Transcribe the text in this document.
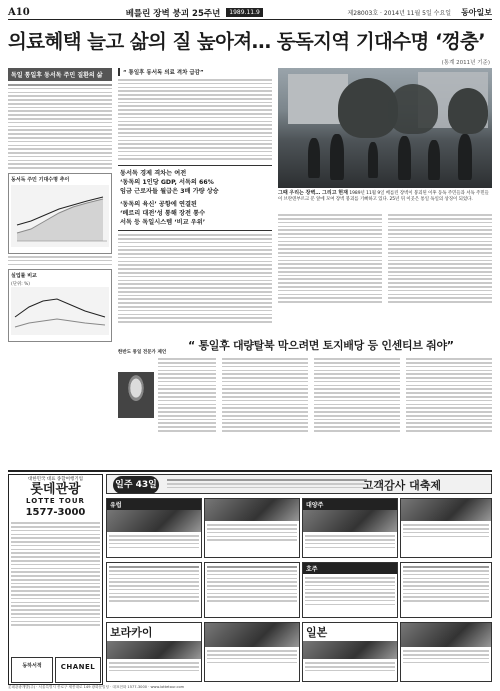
A10	베를린 장벽 붕괴 25주년	1989.11.9	제28003호 · 2014년 11월 5일 수요일 동아일보
의료혜택 늘고 삶의 질 높아져… 동독지역 기대수명 ‘껑충’
(통계 2011년 기준)
독일 통일후 동서독 주민 질환의 삶
동서독 주민 기대수명 추이
실업률 비교
(단위: %)
“ 통일후 동서독 의료 격차 급감”
동서독 경제 격차는 여전
‘동독의 1인당 GDP, 서독의 66%
임금 근로자들 월급은 3배 가량 상승
‘동독의 육신’ 공항에 연결된
‘베르리 대전’성 통해 장전 통수
서독 등 독일시스템 ‘비교 우위’
그때 우리는 장벽… 그리고 현재 1989년 11월 9일 베를린 장벽이 붕괴된 이후 동독 주민들과 서독 주민들이 브란덴부르크 문 앞에 모여 장벽 붕괴를 기뻐하고 있다. 25년 뒤 이곳은 통일 독일의 상징이 되었다.
한반도 통일 전문가 제언
“ 통일후 대량탈북 막으려면 토지배당 등 인센티브 줘야”
대한민국 대표 종합여행기업
롯데관광
LOTTE TOUR
1577-3000
동하서적	CHANEL
일주 43일	고객감사 대축제
유럽	대양주
호주
보라카이	일본
롯데관광개발(주) · 서울특별시 종로구 세종대로 149 광화문빌딩 · 대표전화 1577-3000 · www.lottetour.com
